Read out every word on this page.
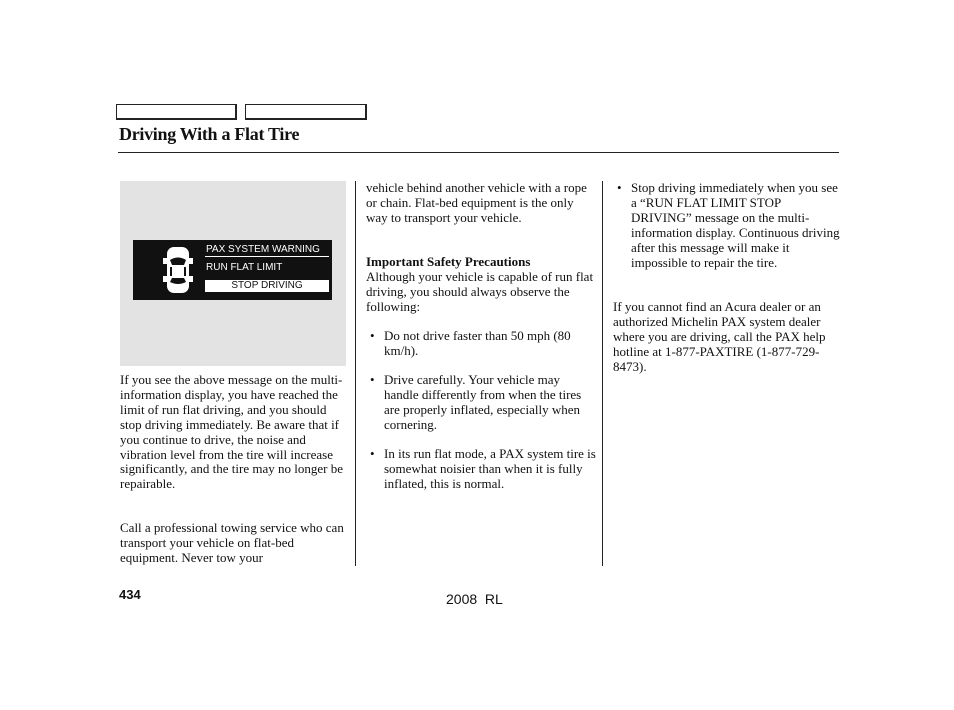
Driving With a Flat Tire
PAX SYSTEM WARNING
RUN FLAT LIMIT
STOP DRIVING

If you see the above message on the multi-information display, you have reached the limit of run flat driving, and you should stop driving immediately. Be aware that if you continue to drive, the noise and vibration level from the tire will increase significantly, and the tire may no longer be repairable.

Call a professional towing service who can transport your vehicle on flat-bed equipment. Never tow your

vehicle behind another vehicle with a rope or chain. Flat-bed equipment is the only way to transport your vehicle.

Important Safety Precautions

Although your vehicle is capable of run flat driving, you should always observe the following:

• Do not drive faster than 50 mph (80 km/h).
• Drive carefully. Your vehicle may handle differently from when the tires are properly inflated, especially when cornering.
• In its run flat mode, a PAX system tire is somewhat noisier than when it is fully inflated, this is normal.
• Stop driving immediately when you see a “RUN FLAT LIMIT STOP DRIVING” message on the multi-information display. Continuous driving after this message will make it impossible to repair the tire.

If you cannot find an Acura dealer or an authorized Michelin PAX system dealer where you are driving, call the PAX help hotline at 1-877-PAXTIRE (1-877-729-8473).

434	2008  RL
